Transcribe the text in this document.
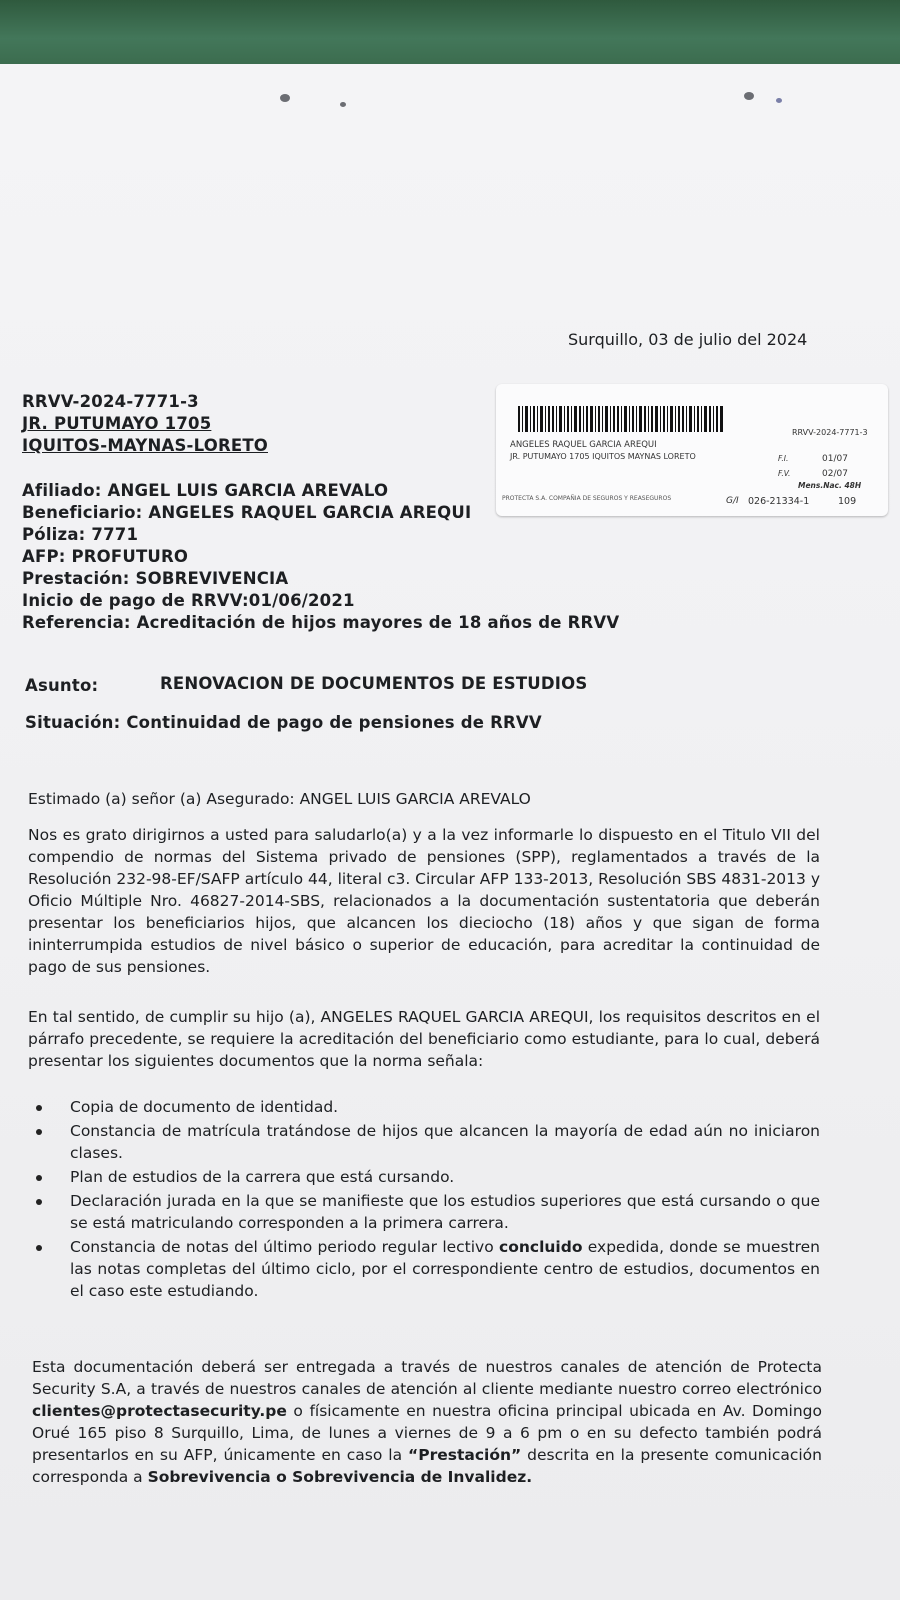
Surquillo, 03 de julio del 2024
RRVV-2024-7771-3
JR. PUTUMAYO 1705
IQUITOS-MAYNAS-LORETO
RRVV-2024-7771-3
ANGELES RAQUEL GARCIA AREQUI
JR. PUTUMAYO 1705 IQUITOS MAYNAS LORETO	F.I.	01/07
F.V.	02/07
Mens.Nac. 48H
PROTECTA S.A. COMPAÑIA DE SEGUROS Y REASEGUROS	G/I 026-21334-1	109
Afiliado: ANGEL LUIS GARCIA AREVALO
Beneficiario: ANGELES RAQUEL GARCIA AREQUI
Póliza: 7771
AFP: PROFUTURO
Prestación: SOBREVIVENCIA
Inicio de pago de RRVV:01/06/2021
Referencia: Acreditación de hijos mayores de 18 años de RRVV
Asunto:	RENOVACION DE DOCUMENTOS DE ESTUDIOS
Situación: Continuidad de pago de pensiones de RRVV
Estimado (a) señor (a) Asegurado: ANGEL LUIS GARCIA AREVALO
Nos es grato dirigirnos a usted para saludarlo(a) y a la vez informarle lo dispuesto en el Titulo VII del compendio de normas del Sistema privado de pensiones (SPP), reglamentados a través de la Resolución 232-98-EF/SAFP artículo 44, literal c3. Circular AFP 133-2013, Resolución SBS 4831-2013 y Oficio Múltiple Nro. 46827-2014-SBS, relacionados a la documentación sustentatoria que deberán presentar los beneficiarios hijos, que alcancen los dieciocho (18) años y que sigan de forma ininterrumpida estudios de nivel básico o superior de educación, para acreditar la continuidad de pago de sus pensiones.
En tal sentido, de cumplir su hijo (a), ANGELES RAQUEL GARCIA AREQUI, los requisitos descritos en el párrafo precedente, se requiere la acreditación del beneficiario como estudiante, para lo cual, deberá presentar los siguientes documentos que la norma señala:
Copia de documento de identidad.
Constancia de matrícula tratándose de hijos que alcancen la mayoría de edad aún no iniciaron clases.
Plan de estudios de la carrera que está cursando.
Declaración jurada en la que se manifieste que los estudios superiores que está cursando o que se está matriculando corresponden a la primera carrera.
Constancia de notas del último periodo regular lectivo concluido expedida, donde se muestren las notas completas del último ciclo, por el correspondiente centro de estudios, documentos en el caso este estudiando.
Esta documentación deberá ser entregada a través de nuestros canales de atención de Protecta Security S.A, a través de nuestros canales de atención al cliente mediante nuestro correo electrónico clientes@protectasecurity.pe o físicamente en nuestra oficina principal ubicada en Av. Domingo Orué 165 piso 8 Surquillo, Lima, de lunes a viernes de 9 a 6 pm o en su defecto también podrá presentarlos en su AFP, únicamente en caso la “Prestación” descrita en la presente comunicación corresponda a Sobrevivencia o Sobrevivencia de Invalidez.
